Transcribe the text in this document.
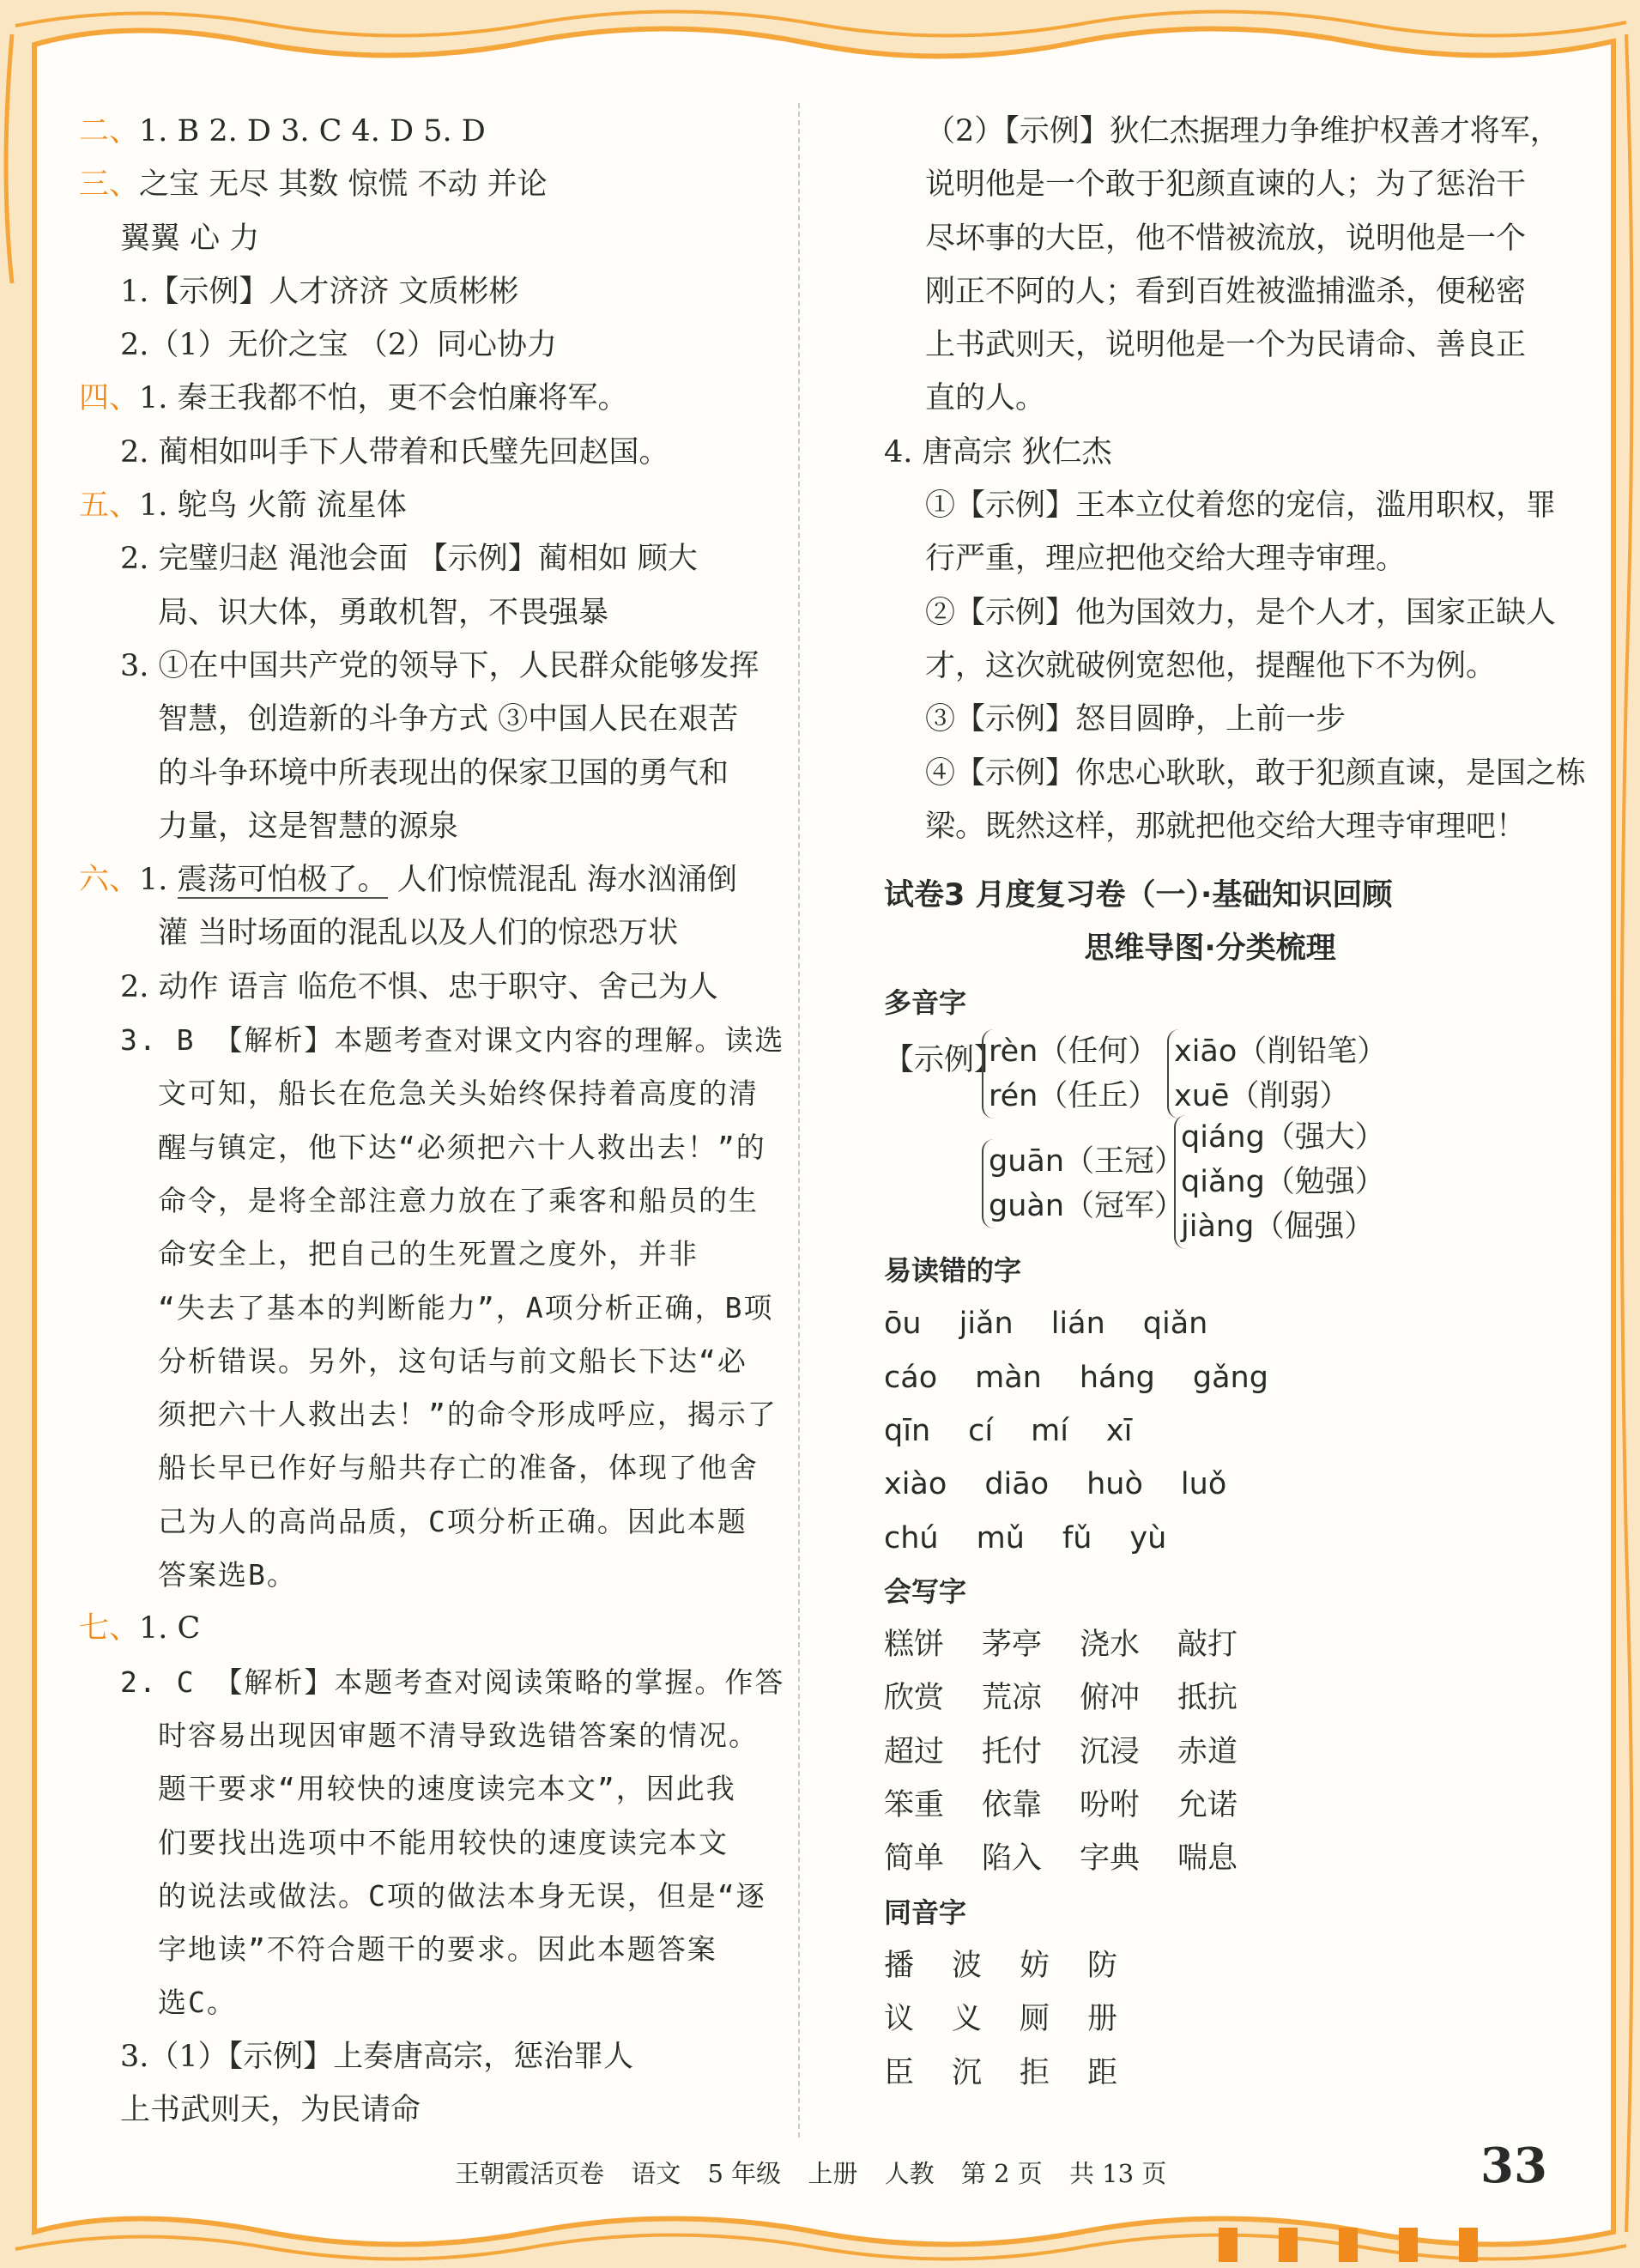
二、1. B 2. D 3. C 4. D 5. D
三、之宝 无尽 其数 惊慌 不动 并论
翼翼 心 力
1.【示例】人才济济 文质彬彬
2.（1）无价之宝 （2）同心协力
四、1. 秦王我都不怕，更不会怕廉将军。
2. 蔺相如叫手下人带着和氏璧先回赵国。
五、1. 鸵鸟 火箭 流星体
2. 完璧归赵 渑池会面 【示例】蔺相如 顾大
局、识大体，勇敢机智，不畏强暴
3. ①在中国共产党的领导下，人民群众能够发挥
智慧，创造新的斗争方式 ③中国人民在艰苦
的斗争环境中所表现出的保家卫国的勇气和
力量，这是智慧的源泉
六、1. 震荡可怕极了。 人们惊慌混乱 海水汹涌倒
灌 当时场面的混乱以及人们的惊恐万状
2. 动作 语言 临危不惧、忠于职守、舍己为人
3. B 【解析】本题考查对课文内容的理解。读选
文可知，船长在危急关头始终保持着高度的清
醒与镇定，他下达“必须把六十人救出去！”的
命令，是将全部注意力放在了乘客和船员的生
命安全上，把自己的生死置之度外，并非
“失去了基本的判断能力”，A项分析正确，B项
分析错误。另外，这句话与前文船长下达“必
须把六十人救出去！”的命令形成呼应，揭示了
船长早已作好与船共存亡的准备，体现了他舍
己为人的高尚品质，C项分析正确。因此本题
答案选B。
七、1. C
2. C 【解析】本题考查对阅读策略的掌握。作答
时容易出现因审题不清导致选错答案的情况。
题干要求“用较快的速度读完本文”，因此我
们要找出选项中不能用较快的速度读完本文
的说法或做法。C项的做法本身无误，但是“逐
字地读”不符合题干的要求。因此本题答案
选C。
3.（1）【示例】上奏唐高宗，惩治罪人
上书武则天，为民请命
（2）【示例】狄仁杰据理力争维护权善才将军，
说明他是一个敢于犯颜直谏的人；为了惩治干
尽坏事的大臣，他不惜被流放，说明他是一个
刚正不阿的人；看到百姓被滥捕滥杀，便秘密
上书武则天，说明他是一个为民请命、善良正
直的人。
4. 唐高宗 狄仁杰
①【示例】王本立仗着您的宠信，滥用职权，罪
行严重，理应把他交给大理寺审理。
②【示例】他为国效力，是个人才，国家正缺人
才，这次就破例宽恕他，提醒他下不为例。
③【示例】怒目圆睁，上前一步
④【示例】你忠心耿耿，敢于犯颜直谏，是国之栋
梁。既然这样，那就把他交给大理寺审理吧！
试卷3 月度复习卷（一）·基础知识回顾
思维导图·分类梳理
多音字
【示例】
rèn（任何）
rén（任丘）
xiāo（削铅笔）
xuē（削弱）
guān（王冠）
guàn（冠军）
qiáng（强大）
qiǎng（勉强）
jiàng（倔强）
易读错的字
ōu jiǎn lián qiǎn
cáo màn háng gǎng
qīn cí mí xī
xiào diāo huò luǒ
chú mǔ fǔ yù
会写字
糕饼 茅亭 浇水 敲打
欣赏 荒凉 俯冲 抵抗
超过 托付 沉浸 赤道
笨重 依靠 吩咐 允诺
简单 陷入 字典 喘息
同音字
播 波 妨 防
议 义 厕 册
臣 沉 拒 距
王朝霞活页卷 语文 5 年级 上册 人教 第 2 页 共 13 页	33
